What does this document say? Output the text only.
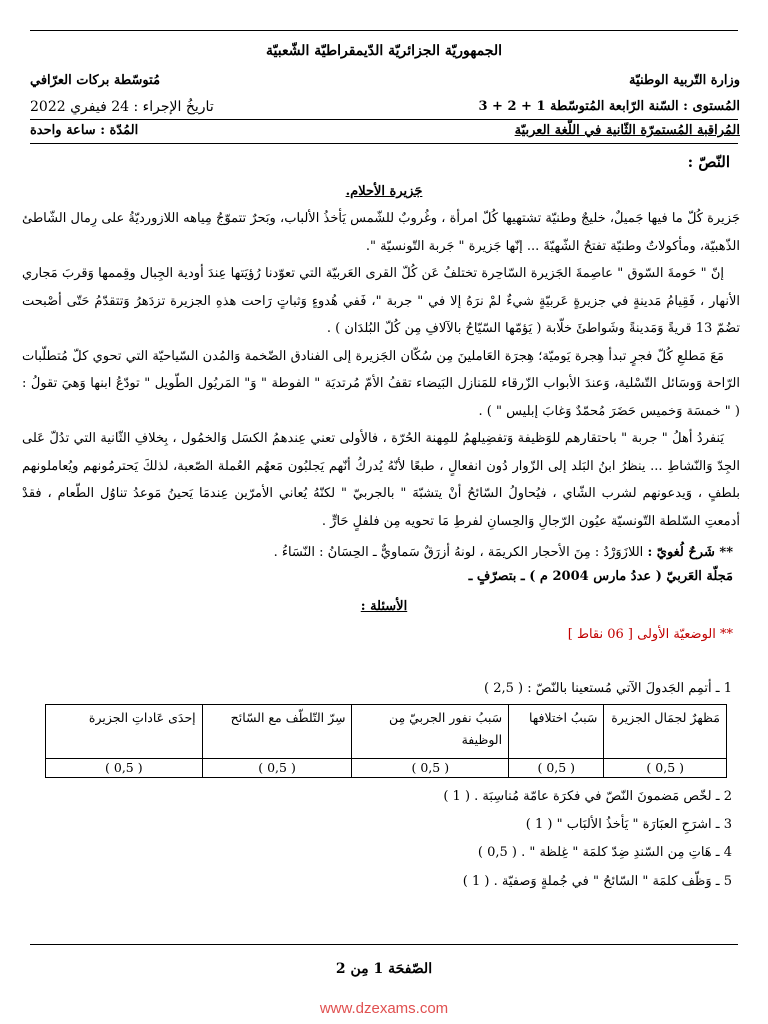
الجمهوريّة الجزائريّة الدّيمقراطيّة الشّعبيّة
وزارة التّربية الوطنيّة
مُتوسّطة بركات العرّافي
المُستوى : السّنة الرّابعة المُتوسّطة 1 + 2 + 3
تاريخُ الإجراء : 24 فيفري 2022
المُراقبة المُستمرّة الثّانية في اللّغة العربيّة
المُدّة : ساعة واحدة
النّصّ :
جَزيرة الأحلام.
جَزيرة كُلّ ما فيها جَميلٌ، خليجٌ وطنيّة تشتهيها كُلّ امرأة ، وغُروبٌ للشّمس يَأخذُ الألباب، وبَحرٌ تتموّجُ مِياهه اللازورديّةُ على رِمال الشّاطئ الذّهبيّة، ومأكولاتٌ وطنيّة تفتحُ الشّهيّةَ ... إنّها جَزيرة " جَربة التّونسيّة ".
إنّ " حَومةَ السّوق " عاصِمةَ الجَزيرة السّاحِرة تختلفُ عَن كُلّ القرى العَربيّة التي تعوّدنا رُؤيَتها عِندَ أودية الجِبال وقِممها وَقربَ مَجاري الأنهار ، فَقِيامُ مَدينةٍ في جزيرةٍ عَربيّةٍ شيءٌ لمْ نرَهُ إلا في " جربة "، فَفي هُدوءٍ وَثباتٍ رَاحت هذهِ الجزيرة تزدَهرُ وَتتقدّمُ حَتّى أصْبحت تضُمّ 13 قريةً وَمَدينةً وشَواطئَ خلّابة ( يَؤمّها السّيّاحُ بالآلافِ مِن كُلّ البُلدَان ) .
مَعَ مَطلعِ كُلّ فجرٍ تبدأ هِجرة يَوميّة؛ هِجرَة العَاملينَ مِن سُكّان الجَزيرة إلى الفنادق الضّخمة وَالمُدن السّياحيّة التي تحوي كلّ مُتطلّبات الرّاحة وَوسَائل التّسْلية، وَعندَ الأبواب الزّرقاء للمَنازل البَيضاء تقفُ الأمّ مُرتديَة " الفوطة " وَ" المَريُول الطّويل " تودّعُ ابنها وَهيَ تقولُ : ( " خمسَة وَخميس حَضَرَ مُحمّدٌ وَغابَ إبليس " ) .
يَنفردُ أهلُ " جربة " باحتقارهم للوَظيفة وَتفضِيلهمُ للمِهنة الحُرّة ، فالأولى تعني عِندهمُ الكسَل وَالخمُول ، بِخلافِ الثّانية التي تدُلّ عَلى الجِدّ وَالنّشاطِ ... ينظرُ ابنُ البَلد إلى الزّوار دُون انفعالٍ ، طبعًا لأنّهُ يُدركُ أنّهم يَجلبُون مَعهُم العُملة الصّعبة، لذلكَ يَحترمُونهم ويُعاملونهم بلطفٍ ، وَيدعونهم لشرب الشّاي ، فيُحاولُ السّائحُ أنْ يتشبّهَ " بالجربيّ " لكنّهُ يُعاني الأمرّين عِندمَا يَحينُ مَوعدُ تناوُل الطّعام ، فقدْ أدمعتِ السّلطة التّونسيّة عيُون الرّجالِ وَالحِسانِ لفرطِ مَا تحويه مِن فلفلٍ حَارٍّ .
** شَرحٌ لُغويّ : اللازَوَرْدُ : مِنَ الأحجار الكريمَة ، لونهُ أزرَقٌ سَماويٌّ ـ الحِسَانُ : النّسَاءُ .
مَجلّة العَربيّ ( عددُ مارس 2004 م ) ـ بتصرّفٍ ـ
الأسئلة :
** الوضعيّة الأولى [ 06 نقاط ]
1 ـ أتمِم الجَدولَ الآتي مُستعينا بالنّصّ : ( 2,5 )
مَظهرٌ لجمَال الجزيرة	سَببُ اختلافها	سَببُ نفور الجربيّ مِن الوظيفة	سِرّ التّلطّف مع السّائح	إحدَى عَاداتِ الجزيرة
( 0,5 )	( 0,5 )	( 0,5 )	( 0,5 )	( 0,5 )
2 ـ لخّص مَضمونَ النّصّ في فكرَة عامّة مُناسِبَة . ( 1 )
3 ـ اشرَحِ العبَارَة " يَأخذُ الألبَاب " ( 1 )
4 ـ هَاتِ مِن السّندِ ضِدّ كلمَة " غِلظة " . ( 0,5 )
5 ـ وَظّف كلمَة " السّائحُ " في جُملةٍ وَصفيّة . ( 1 )
الصّفحَة 1 مِن 2
www.dzexams.com
